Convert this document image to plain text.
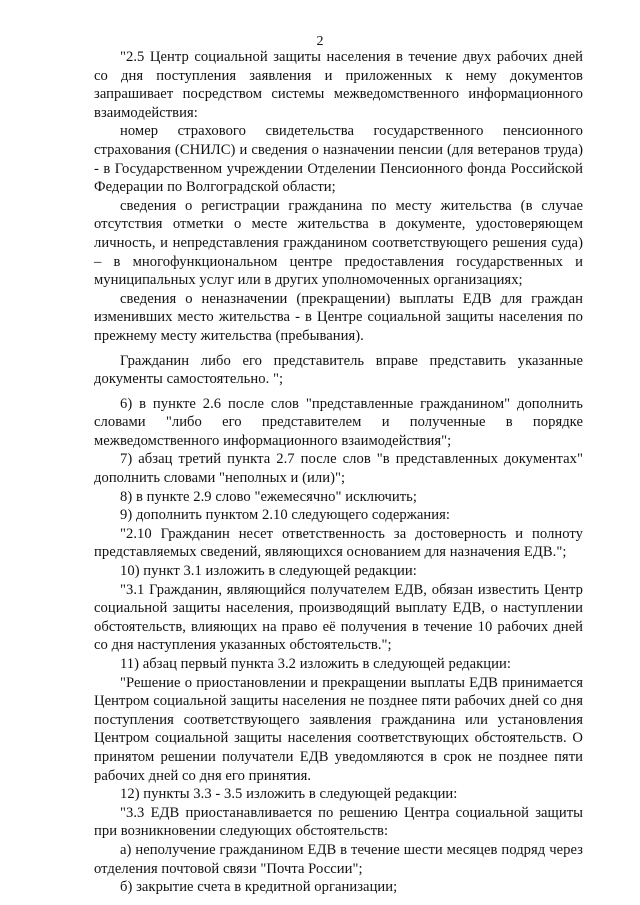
2

"2.5 Центр социальной защиты населения в течение двух рабочих дней со дня поступления заявления и приложенных к нему документов запрашивает посредством системы межведомственного информационного взаимодействия:

номер страхового свидетельства государственного пенсионного страхования (СНИЛС) и сведения о назначении пенсии (для ветеранов труда) - в Государственном учреждении Отделении Пенсионного фонда Российской Федерации по Волгоградской области;

сведения о регистрации гражданина по месту жительства (в случае отсутствия отметки о месте жительства в документе, удостоверяющем личность, и непредставления гражданином соответствующего решения суда) – в многофункциональном центре предоставления государственных и муниципальных услуг или в других уполномоченных организациях;

сведения о неназначении (прекращении) выплаты ЕДВ для граждан изменивших место жительства - в Центре социальной защиты населения по прежнему месту жительства (пребывания).

Гражданин либо его представитель вправе представить указанные документы самостоятельно. ";

6) в пункте 2.6 после слов "представленные гражданином" дополнить словами "либо его представителем и полученные в порядке межведомственного информационного взаимодействия";

7) абзац третий пункта 2.7 после слов "в представленных документах" дополнить словами "неполных и (или)";

8) в пункте 2.9 слово "ежемесячно" исключить;

9) дополнить пунктом 2.10 следующего содержания:

"2.10 Гражданин несет ответственность за достоверность и полноту представляемых сведений, являющихся основанием для назначения ЕДВ.";

10) пункт 3.1 изложить в следующей редакции:

"3.1 Гражданин, являющийся получателем ЕДВ, обязан известить Центр социальной защиты населения, производящий выплату ЕДВ, о наступлении обстоятельств, влияющих на право её получения в течение 10 рабочих дней со дня наступления указанных обстоятельств.";

11) абзац первый пункта 3.2 изложить в следующей редакции:

"Решение о приостановлении и прекращении выплаты ЕДВ принимается Центром социальной защиты населения не позднее пяти рабочих дней со дня поступления соответствующего заявления гражданина или установления Центром социальной защиты населения соответствующих обстоятельств. О принятом решении получатели ЕДВ уведомляются в срок не позднее пяти рабочих дней со дня его принятия.

12) пункты 3.3 - 3.5 изложить в следующей редакции:

"3.3 ЕДВ приостанавливается по решению Центра социальной защиты при возникновении следующих обстоятельств:

а) неполучение гражданином ЕДВ в течение шести месяцев подряд через отделения почтовой связи "Почта России";

б) закрытие счета в кредитной организации;
